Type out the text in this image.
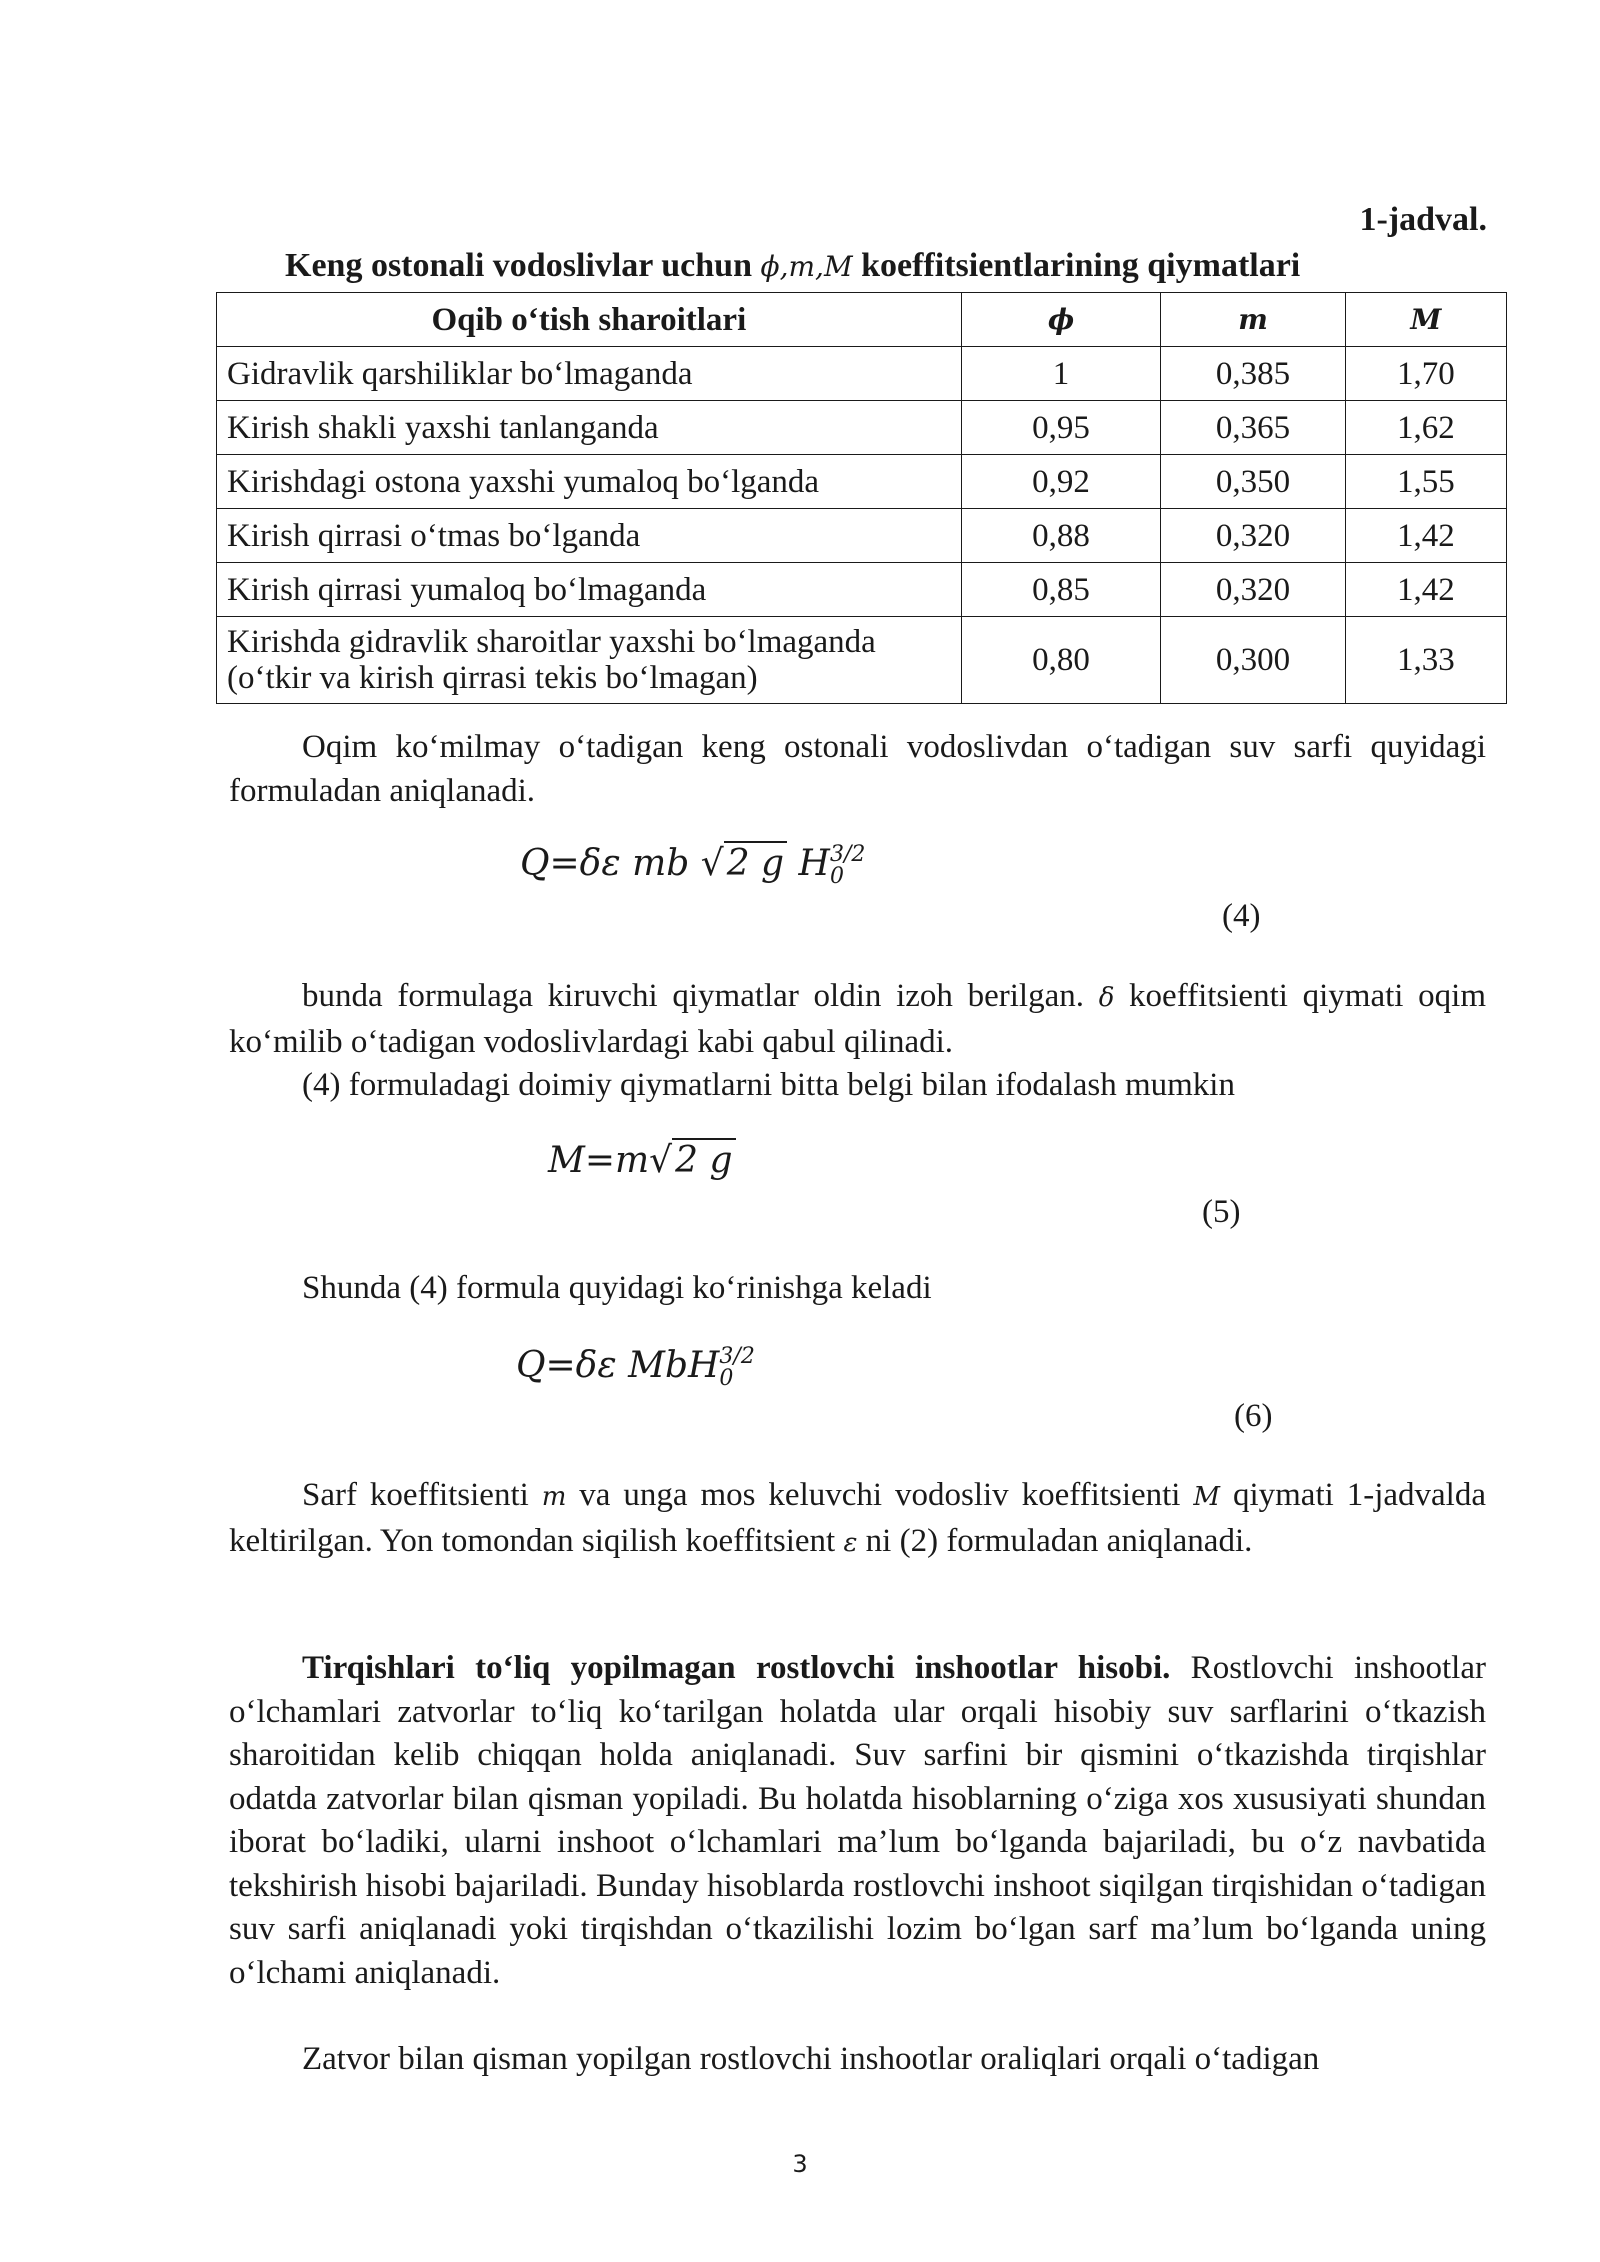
1-jadval.
Keng ostonali vodoslivlar uchun ϕ,m,M koeffitsientlarining qiymatlari
Oqib o‘tish sharoitlari	ϕ	m	M
Gidravlik qarshiliklar bo‘lmaganda	1	0,385	1,70
Kirish shakli yaxshi tanlanganda	0,95	0,365	1,62
Kirishdagi ostona yaxshi yumaloq bo‘lganda	0,92	0,350	1,55
Kirish qirrasi o‘tmas bo‘lganda	0,88	0,320	1,42
Kirish qirrasi yumaloq bo‘lmaganda	0,85	0,320	1,42
Kirishda gidravlik sharoitlar yaxshi bo‘lmaganda (o‘tkir va kirish qirrasi tekis bo‘lmagan)	0,80	0,300	1,33
Oqim ko‘milmay o‘tadigan keng ostonali vodoslivdan o‘tadigan suv sarfi quyidagi formuladan aniqlanadi.
Q=δε mb √2 g H 3/2
0
(4)
bunda formulaga kiruvchi qiymatlar oldin izoh berilgan. δ koeffitsienti qiymati oqim ko‘milib o‘tadigan vodoslivlardagi kabi qabul qilinadi.
(4) formuladagi doimiy qiymatlarni bitta belgi bilan ifodalash mumkin
M=m√2 g
(5)
Shunda (4) formula quyidagi ko‘rinishga keladi
Q=δε MbH 3/2
0
(6)
Sarf koeffitsienti m va unga mos keluvchi vodosliv koeffitsienti M qiymati 1-jadvalda keltirilgan. Yon tomondan siqilish koeffitsient ε ni (2) formuladan aniqlanadi.
Tirqishlari to‘liq yopilmagan rostlovchi inshootlar hisobi. Rostlovchi inshootlar o‘lchamlari zatvorlar to‘liq ko‘tarilgan holatda ular orqali hisobiy suv sarflarini o‘tkazish sharoitidan kelib chiqqan holda aniqlanadi. Suv sarfini bir qismini o‘tkazishda tirqishlar odatda zatvorlar bilan qisman yopiladi. Bu holatda hisoblarning o‘ziga xos xususiyati shundan iborat bo‘ladiki, ularni inshoot o‘lchamlari ma’lum bo‘lganda bajariladi, bu o‘z navbatida tekshirish hisobi bajariladi. Bunday hisoblarda rostlovchi inshoot siqilgan tirqishidan o‘tadigan suv sarfi aniqlanadi yoki tirqishdan o‘tkazilishi lozim bo‘lgan sarf ma’lum bo‘lganda uning o‘lchami aniqlanadi.
Zatvor bilan qisman yopilgan rostlovchi inshootlar oraliqlari orqali o‘tadigan
3
